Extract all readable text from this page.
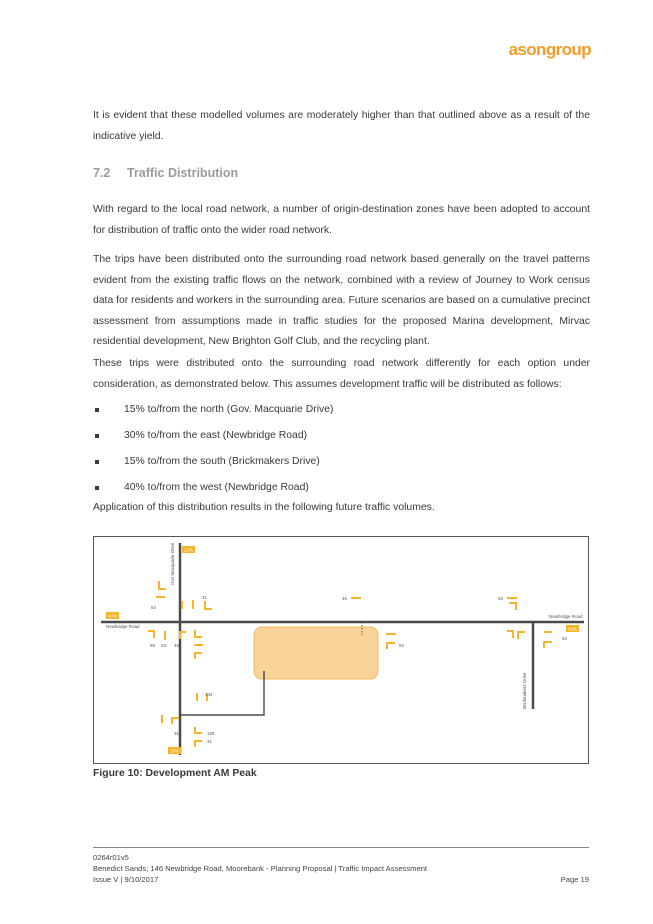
asongroup

It is evident that these modelled volumes are moderately higher than that outlined above as a result of the indicative yield.

7.2 Traffic Distribution

With regard to the local road network, a number of origin-destination zones have been adopted to account for distribution of traffic onto the wider road network.

The trips have been distributed onto the surrounding road network based generally on the travel patterns evident from the existing traffic flows on the network, combined with a review of Journey to Work census data for residents and workers in the surrounding area. Future scenarios are based on a cumulative precinct assessment from assumptions made in traffic studies for the proposed Marina development, Mirvac residential development, New Brighton Golf Club, and the recycling plant.

These trips were distributed onto the surrounding road network differently for each option under consideration, as demonstrated below. This assumes development traffic will be distributed as follows:

15% to/from the north (Gov. Macquarie Drive)
30% to/from the east (Newbridge Road)
15% to/from the south (Brickmakers Drive)
40% to/from the west (Newbridge Road)

Application of this distribution results in the following future traffic volumes.

Gov Macquarie Drive
Newbridge Road
Newbridge Road
Brickmakers Drive
15%
40%
30%
15%
54
31
69 23 46
46	46
92
62
144
31	128
31

Figure 10: Development AM Peak

0264r01v5
Benedict Sands; 146 Newbridge Road, Moorebank - Planning Proposal | Traffic Impact Assessment
Issue V | 9/10/2017	Page 19
